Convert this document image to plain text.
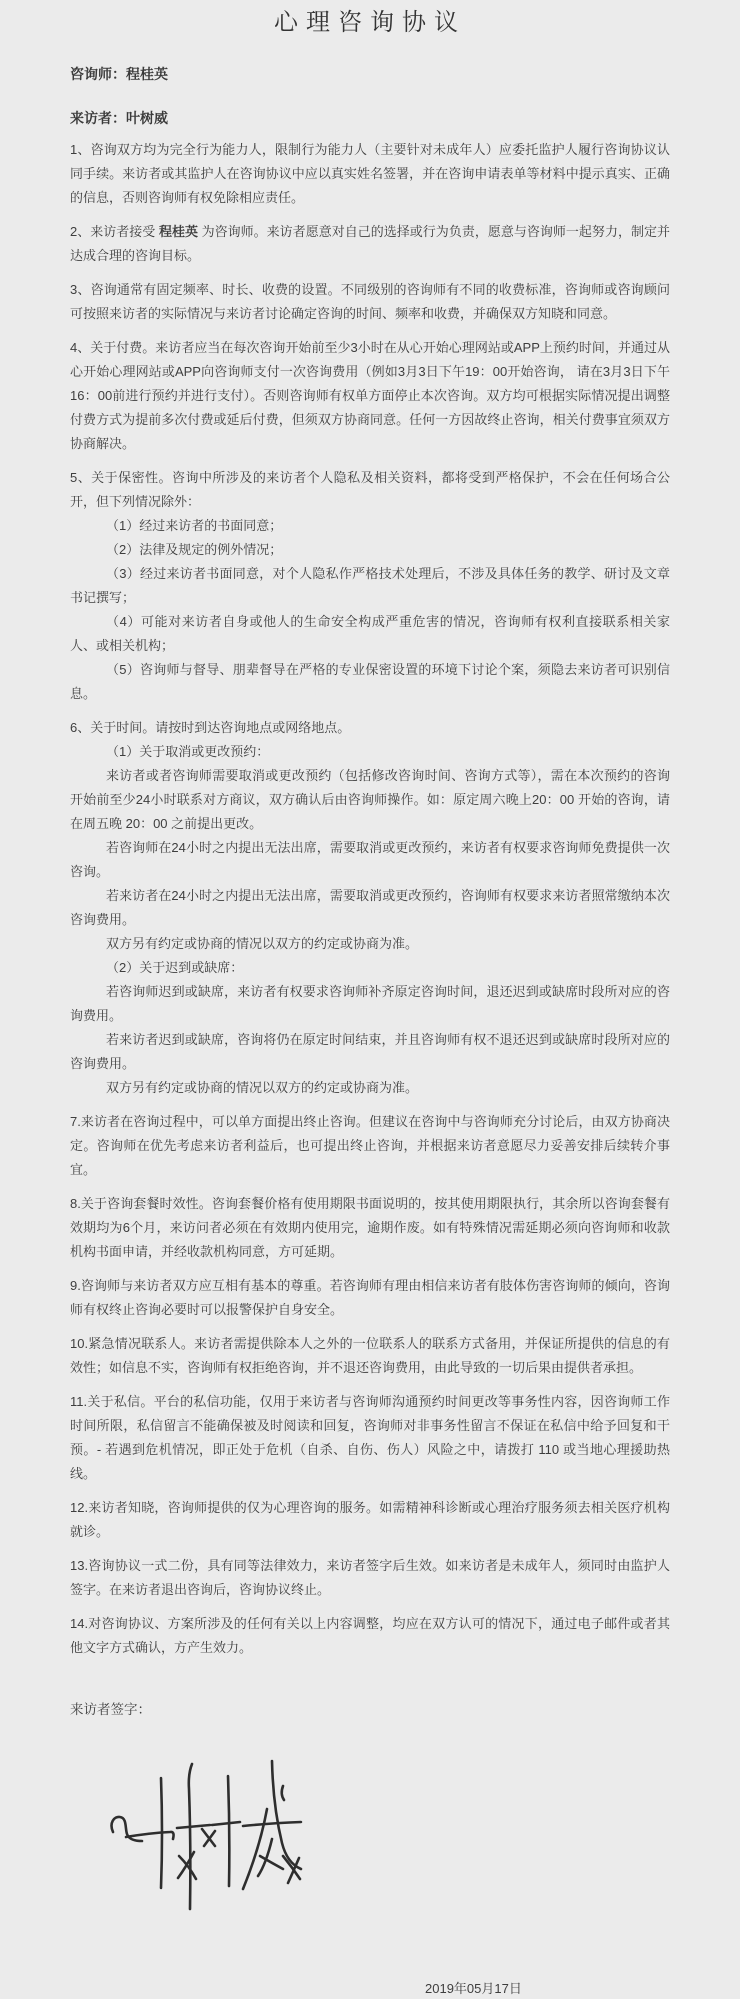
心理咨询协议
咨询师：程桂英
来访者：叶树威
1、咨询双方均为完全行为能力人，限制行为能力人（主要针对未成年人）应委托监护人履行咨询协议认同手续。来访者或其监护人在咨询协议中应以真实姓名签署，并在咨询申请表单等材料中提示真实、正确的信息，否则咨询师有权免除相应责任。
2、来访者接受 程桂英 为咨询师。来访者愿意对自己的选择或行为负责，愿意与咨询师一起努力，制定并达成合理的咨询目标。
3、咨询通常有固定频率、时长、收费的设置。不同级别的咨询师有不同的收费标准，咨询师或咨询顾问可按照来访者的实际情况与来访者讨论确定咨询的时间、频率和收费，并确保双方知晓和同意。
4、关于付费。来访者应当在每次咨询开始前至少3小时在从心开始心理网站或APP上预约时间，并通过从心开始心理网站或APP向咨询师支付一次咨询费用（例如3月3日下午19：00开始咨询， 请在3月3日下午16：00前进行预约并进行支付）。否则咨询师有权单方面停止本次咨询。双方均可根据实际情况提出调整付费方式为提前多次付费或延后付费，但须双方协商同意。任何一方因故终止咨询，相关付费事宜须双方协商解决。
5、关于保密性。咨询中所涉及的来访者个人隐私及相关资料，都将受到严格保护，不会在任何场合公开，但下列情况除外：
（1）经过来访者的书面同意；
（2）法律及规定的例外情况；
（3）经过来访者书面同意，对个人隐私作严格技术处理后，不涉及具体任务的教学、研讨及文章书记撰写；
（4）可能对来访者自身或他人的生命安全构成严重危害的情况，咨询师有权利直接联系相关家人、或相关机构；
（5）咨询师与督导、朋辈督导在严格的专业保密设置的环境下讨论个案，须隐去来访者可识别信息。
6、关于时间。请按时到达咨询地点或网络地点。
（1）关于取消或更改预约：
来访者或者咨询师需要取消或更改预约（包括修改咨询时间、咨询方式等），需在本次预约的咨询开始前至少24小时联系对方商议，双方确认后由咨询师操作。如：原定周六晚上20：00 开始的咨询，请在周五晚 20：00 之前提出更改。
若咨询师在24小时之内提出无法出席，需要取消或更改预约，来访者有权要求咨询师免费提供一次咨询。
若来访者在24小时之内提出无法出席，需要取消或更改预约，咨询师有权要求来访者照常缴纳本次咨询费用。
双方另有约定或协商的情况以双方的约定或协商为准。
（2）关于迟到或缺席：
若咨询师迟到或缺席，来访者有权要求咨询师补齐原定咨询时间，退还迟到或缺席时段所对应的咨询费用。
若来访者迟到或缺席，咨询将仍在原定时间结束，并且咨询师有权不退还迟到或缺席时段所对应的咨询费用。
双方另有约定或协商的情况以双方的约定或协商为准。
7.来访者在咨询过程中，可以单方面提出终止咨询。但建议在咨询中与咨询师充分讨论后，由双方协商决定。咨询师在优先考虑来访者利益后，也可提出终止咨询，并根据来访者意愿尽力妥善安排后续转介事宜。
8.关于咨询套餐时效性。咨询套餐价格有使用期限书面说明的，按其使用期限执行，其余所以咨询套餐有效期均为6个月，来访问者必须在有效期内使用完，逾期作废。如有特殊情况需延期必须向咨询师和收款机构书面申请，并经收款机构同意，方可延期。
9.咨询师与来访者双方应互相有基本的尊重。若咨询师有理由相信来访者有肢体伤害咨询师的倾向，咨询师有权终止咨询必要时可以报警保护自身安全。
10.紧急情况联系人。来访者需提供除本人之外的一位联系人的联系方式备用，并保证所提供的信息的有效性；如信息不实，咨询师有权拒绝咨询，并不退还咨询费用，由此导致的一切后果由提供者承担。
11.关于私信。平台的私信功能，仅用于来访者与咨询师沟通预约时间更改等事务性内容，因咨询师工作时间所限，私信留言不能确保被及时阅读和回复，咨询师对非事务性留言不保证在私信中给予回复和干预。- 若遇到危机情况，即正处于危机（自杀、自伤、伤人）风险之中，请拨打 110 或当地心理援助热线。
12.来访者知晓，咨询师提供的仅为心理咨询的服务。如需精神科诊断或心理治疗服务须去相关医疗机构就诊。
13.咨询协议一式二份，具有同等法律效力，来访者签字后生效。如来访者是未成年人，须同时由监护人签字。在来访者退出咨询后，咨询协议终止。
14.对咨询协议、方案所涉及的任何有关以上内容调整，均应在双方认可的情况下，通过电子邮件或者其他文字方式确认，方产生效力。
来访者签字：
2019年05月17日
